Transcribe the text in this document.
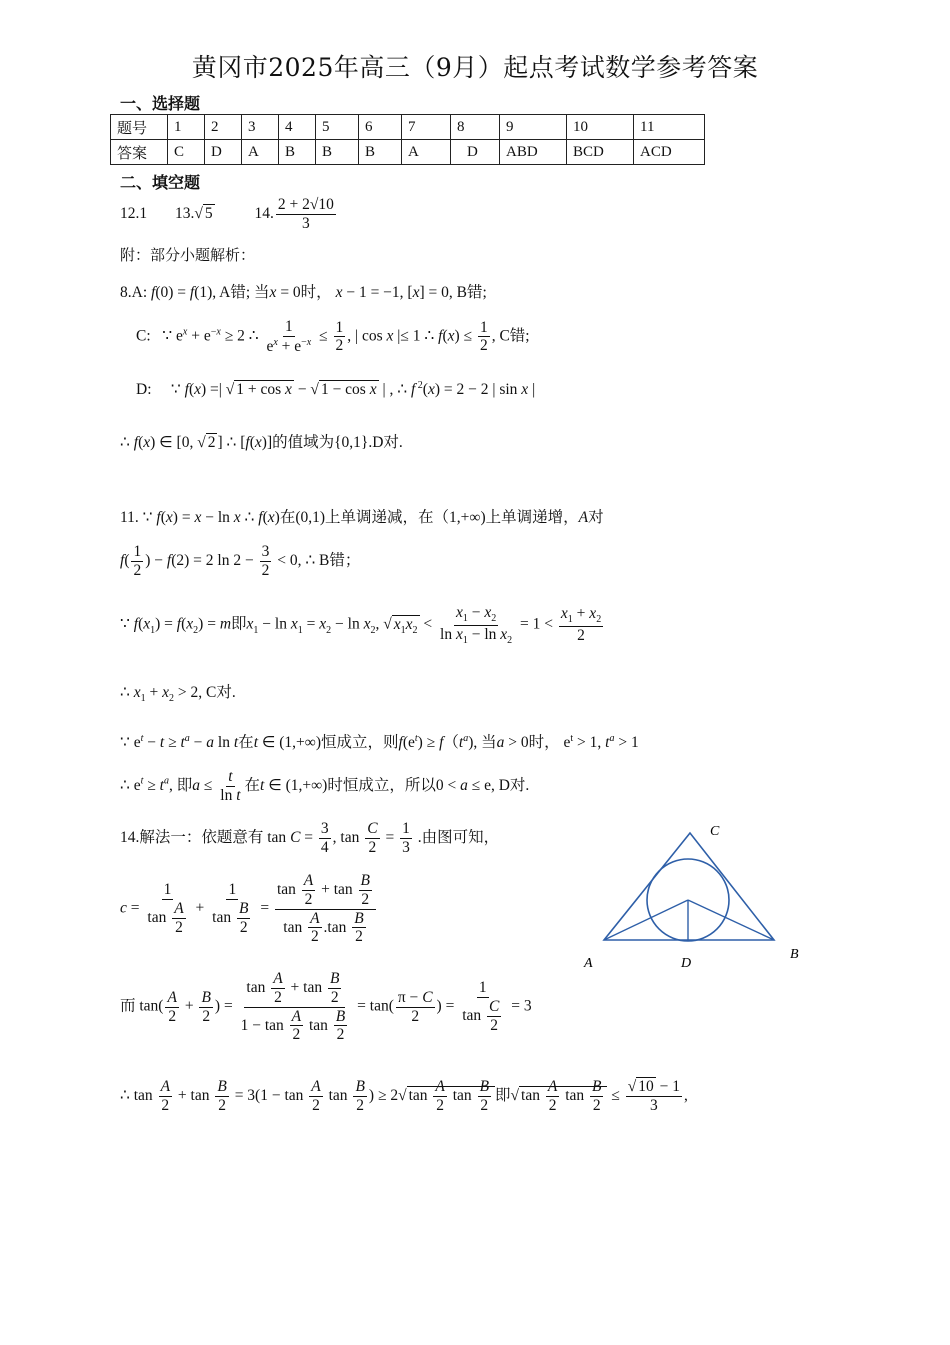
黄冈市2025年高三（9月）起点考试数学参考答案
一、选择题
题号	1	2	3	4	5	6	7	8	9	10	11
答案	C	D	A	B	B	B	A	D	ABD	BCD	ACD
二、填空题
12.1 13.√ 5	14. $\frac{2 + 2√10}{3}$
附：部分小题解析：
8.A: f(0) = f(1), A错; 当x = 0时， x − 1 = −1, [x] = 0, B错;
C:   ∵ $e^x + e^{-x} \ge 2$ ∴ $\frac{1}{e^x + e^{-x}} \le \frac{1}{2}$ , | cos x |≤ 1 ∴ $f(x) \le \frac{1}{2}$ , C错;
D:     ∵ f(x) =| √ 1 + cos x − √ 1 − cos x | , ∴ f $^2$(x) = 2 − 2 | sin x |
∴ f(x) ∈ [0, √ 2 ] ∴ [f(x)]的值域为{0,1}.D对.
11. ∵ f(x) = x − ln x ∴ f(x)在(0,1)上单调递减，在（1,+∞)上单调递增，A对
$f( \frac{1}{2}$ ) − f(2) = 2 $\ln 2 - \frac{3}{2} < 0$, ∴ B错；
∵ $f(x_1) = f(x_2) = m$即$x_1 - \ln x_1 = x_2 - \ln x_2$, √ $x_1x_2 < \frac{x_1 - x_2}{\ln x_1 - \ln x_2} = 1 < \frac{x_1 + x_2}{2}$
∴ $x_1 + x_2 > 2$, C对.
∵ $e^t - t \ge t^a - a$ ln t在t ∈ (1,+∞)恒成立，则$f(e^t) \ge f(t^a)$, 当a > 0时， $e^t > 1$, $t^a > 1$
∴ $e^t \ge t^a$, 即$a \le \frac{t}{\text{ln t}}$ 在t ∈ (1,+∞)时恒成立，所以0 < a ≤ e, D对.
14.解法一：依题意有 $\tan C = \frac{3}{4}$ , $\tan \frac{C}{2} = \frac{1}{3}$ .由图可知，
$c = \frac{1}{\tan \frac{A}{2}} + \frac{1}{\tan \frac{B}{2}} = \frac{\tan \frac{A}{2} + \tan \frac{B}{2}}{\tan \frac{A}{2} .\tan \frac{B}{2}}$
而 $\tan( \frac{A}{2} + \frac{B}{2}$ ) = $\frac{\tan \frac{A}{2} + \tan \frac{B}{2}}{1 - \tan \frac{A}{2} \tan \frac{B}{2}} = \tan( \frac{\pi - C}{2}$ ) = $\frac{1}{\tan \frac{C}{2}} = 3$
∴ $\tan \frac{A}{2} + \tan \frac{B}{2} = 3(1 - \tan \frac{A}{2}$ $\tan \frac{B}{2}$ ) ≥ 2√ $\tan \frac{A}{2}$ $\tan \frac{B}{2}$ 即√ $\tan \frac{A}{2}$ $\tan \frac{B}{2} \le \frac{√ 10 - 1}{3}$ ,
C
A	D
B
